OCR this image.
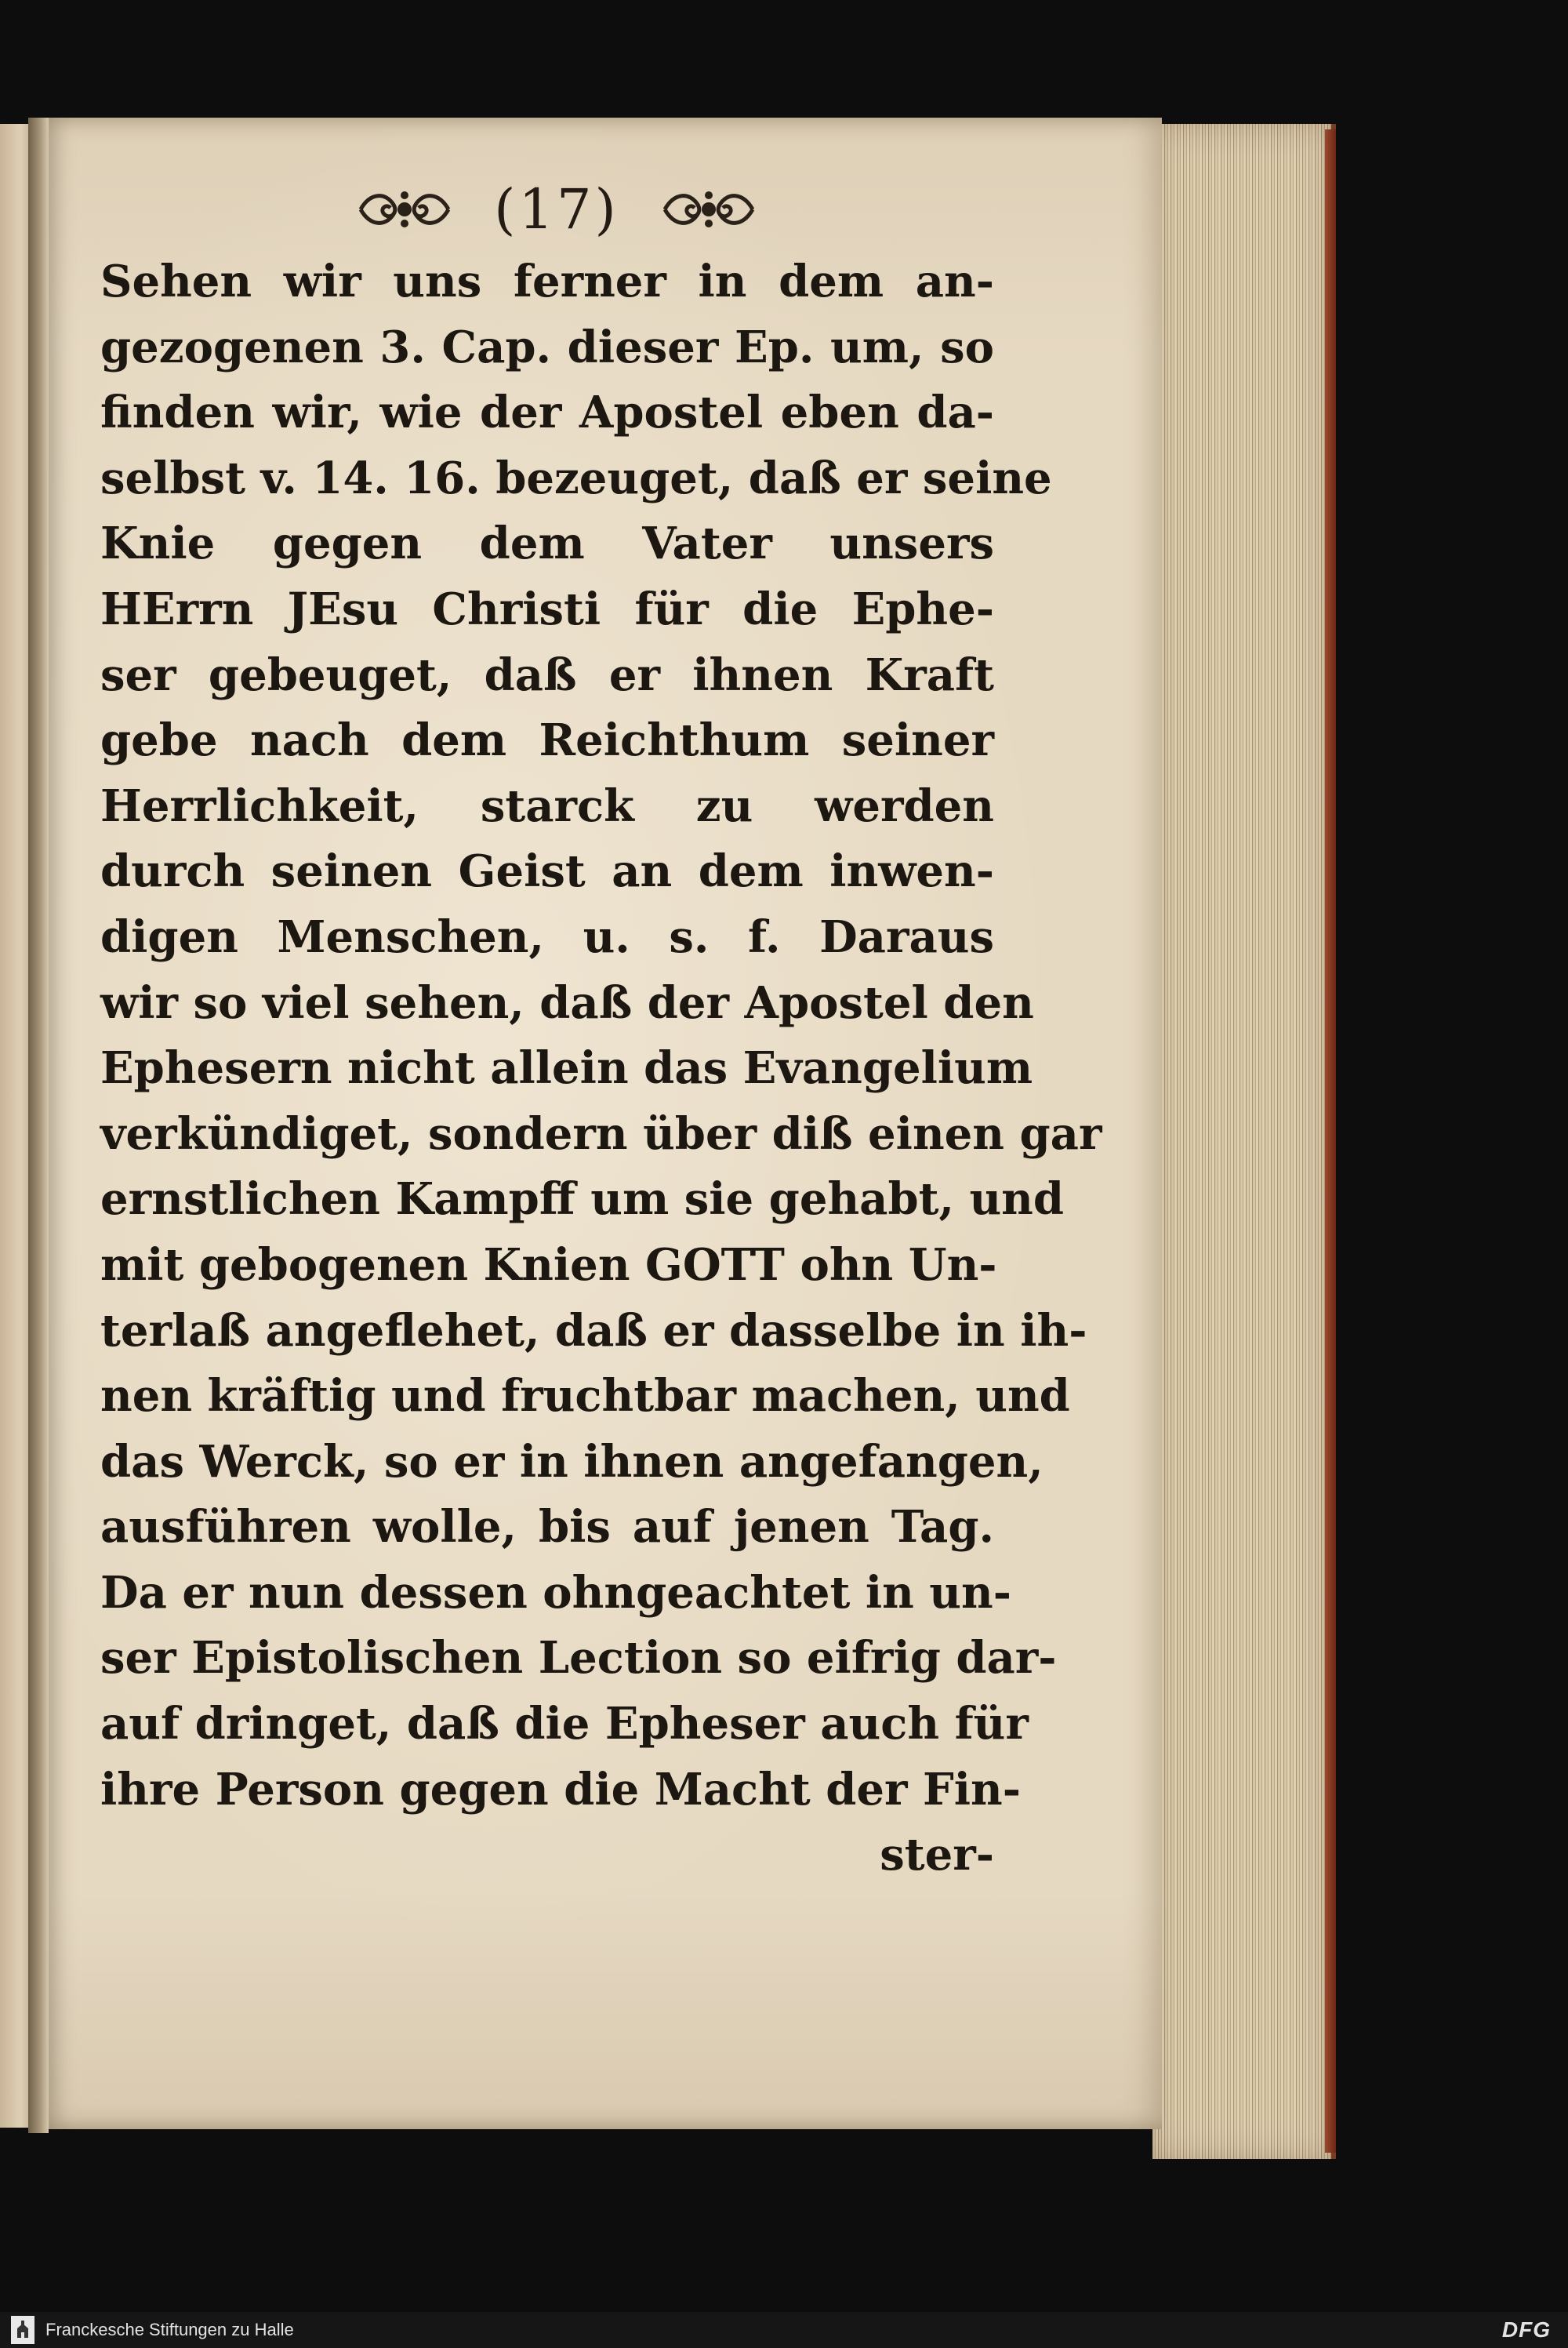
(17)
Sehen wir uns ferner in dem an-
gezogenen 3. Cap. dieser Ep. um, so
finden wir, wie der Apostel eben da-
selbst v. 14. 16. bezeuget, daß er seine
Knie gegen dem Vater unsers
HErrn JEsu Christi für die Ephe-
ser gebeuget, daß er ihnen Kraft
gebe nach dem Reichthum seiner
Herrlichkeit, starck zu werden
durch seinen Geist an dem inwen-
digen Menschen, u. s. f. Daraus
wir so viel sehen, daß der Apostel den
Ephesern nicht allein das Evangelium
verkündiget, sondern über diß einen gar
ernstlichen Kampff um sie gehabt, und
mit gebogenen Knien GOTT ohn Un-
terlaß angeflehet, daß er dasselbe in ih-
nen kräftig und fruchtbar machen, und
das Werck, so er in ihnen angefangen,
ausführen wolle, bis auf jenen Tag.
Da er nun dessen ohngeachtet in un-
ser Epistolischen Lection so eifrig dar-
auf dringet, daß die Epheser auch für
ihre Person gegen die Macht der Fin-
ster-
Franckesche Stiftungen zu Halle	DFG
